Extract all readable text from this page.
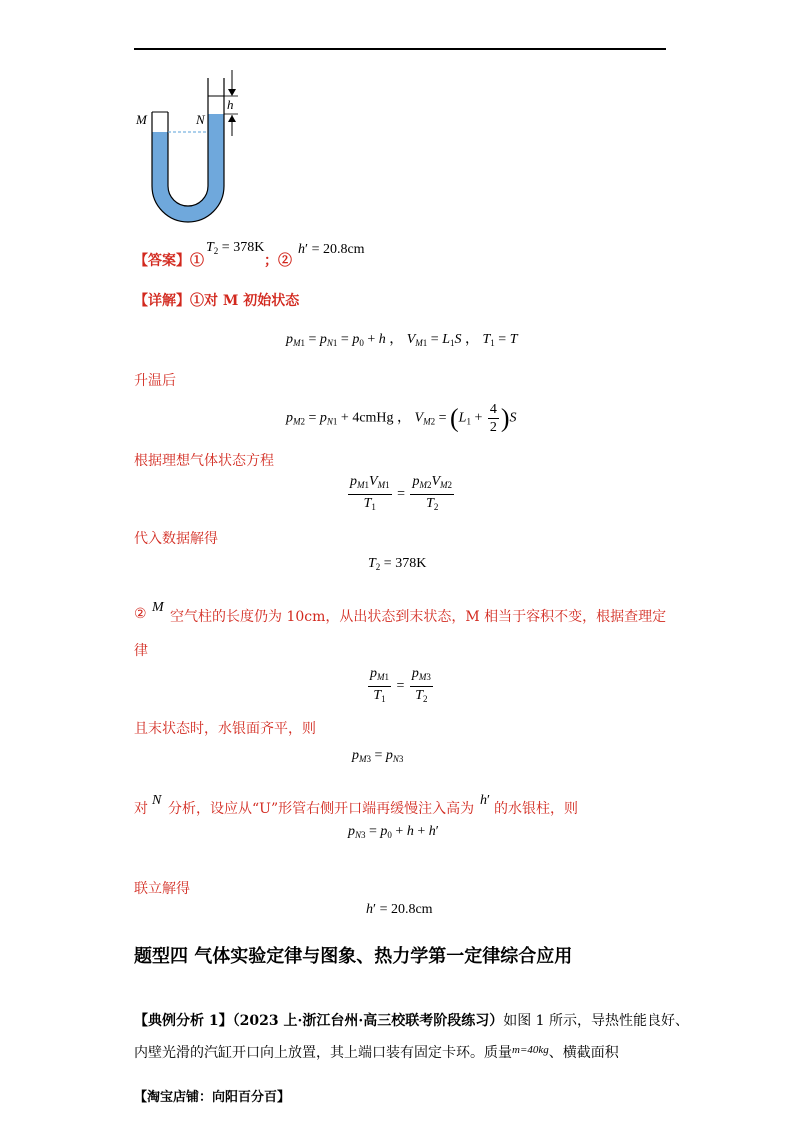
M	N
h
【答案】①
$T_2 = 378K$
；②
h′ = 20.8cm
【详解】①对 M 初始状态
$p_{M1} = p_{N1} = p_0 + h$ ， $V_{M1} = L_1S$ ， $T_1 = T$
升温后
$p_{M2} = p_{N1}$ + 4cmHg ， $V_{M2} = (L_1 + \frac{4}{2} )S$
根据理想气体状态方程
$\frac{p_{M1}V_{M1}}{T_1} = \frac{p_{M2}V_{M2}}{T_2}$
代入数据解得
$T_2 = 378K$
② M
空气柱的长度仍为 10cm，从出状态到末状态，M 相当于容积不变，根据查理定
律
$\frac{p_{M1}}{T_1} = \frac{p_{M3}}{T_2}$
且末状态时，水银面齐平，则
$p_{M3} = p_{N3}$
对
N
分析，设应从“U”形管右侧开口端再缓慢注入高为
h′
的水银柱，则
$p_{N3} = p_0 + h + h'$
联立解得
h′ = 20.8cm
题型四 气体实验定律与图象、热力学第一定律综合应用
【典例分析 1】（2023 上·浙江台州·高三校联考阶段练习）如图 1 所示，导热性能良好、
内壁光滑的汽缸开口向上放置，其上端口装有固定卡环。质量$^{m=40kg}$、横截面积
【淘宝店铺：向阳百分百】
